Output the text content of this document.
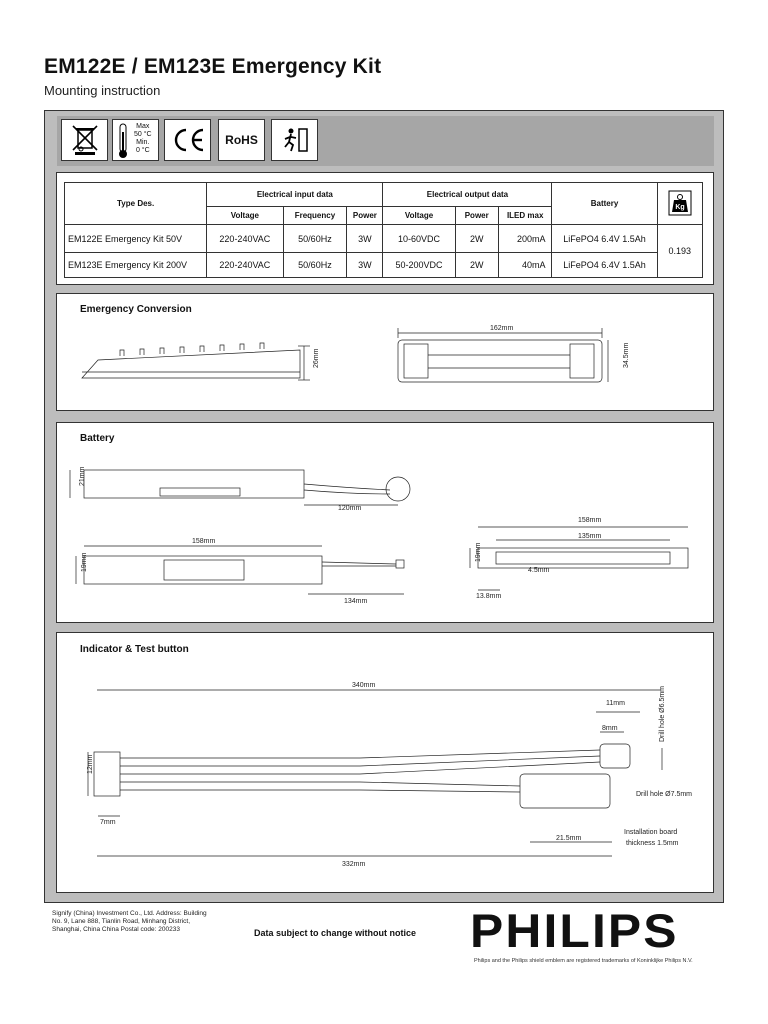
EM122E / EM123E Emergency Kit
Mounting instruction
Max
50 °C
Min.
0 °C
RoHS
Type Des.	Electrical input data			Electrical output data			Battery	Kg

	Voltage	Frequency	Power	Voltage	Power	ILED max		
EM122E Emergency Kit 50V	220-240VAC	50/60Hz	3W	10-60VDC	2W	200mA	LiFePO4 6.4V 1.5Ah	0.193
EM123E Emergency Kit 200V	220-240VAC	50/60Hz	3W	50-200VDC	2W	40mA	LiFePO4 6.4V 1.5Ah	
Emergency Conversion
Battery
Indicator & Test button
162mm
26mm	34.5mm
21mm
120mm
158mm
19mm
134mm
158mm
135mm
19mm
4.5mm
13.8mm
340mm
332mm
12mm
7mm
11mm
8mm	Drill hole Ø6.5mm
Drill hole Ø7.5mm
21.5mm
Installation board
thickness 1.5mm
Signify (China) Investment Co., Ltd. Address: Building No. 9, Lane 888, Tianlin Road, Minhang District, Shanghai, China China Postal code: 200233	Data subject to change without notice PHILIPS
Philips and the Philips shield emblem are registered trademarks of Koninklijke Philips N.V.
